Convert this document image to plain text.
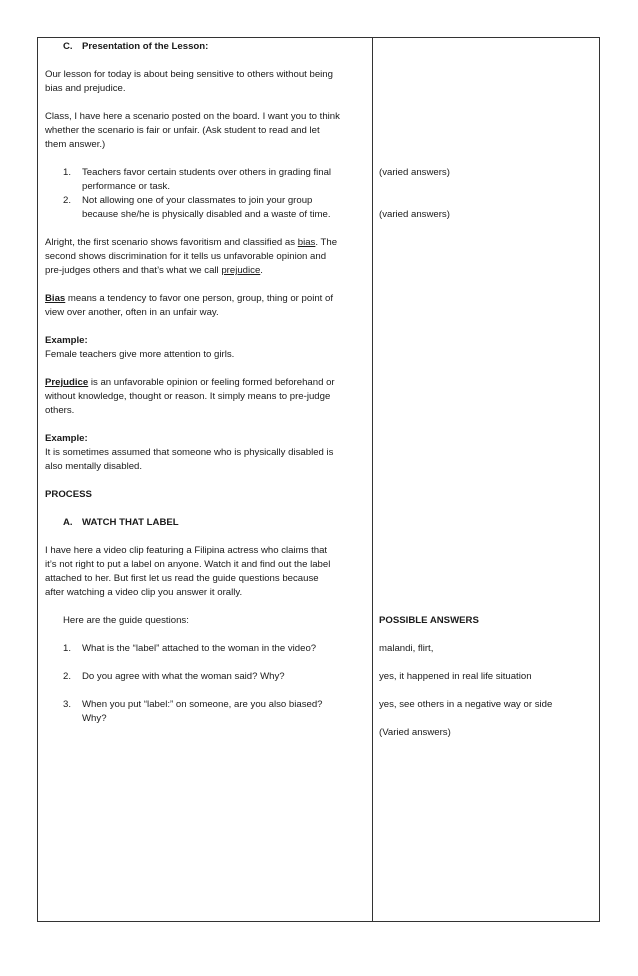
C. Presentation of the Lesson:
Our lesson for today is about being sensitive to others without being
bias and prejudice.
Class, I have here a scenario posted on the board. I want you to think
whether the scenario is fair or unfair. (Ask student to read and let
them answer.)
1. Teachers favor certain students over others in grading final
performance or task.
2. Not allowing one of your classmates to join your group
because she/he is physically disabled and a waste of time.
Alright, the first scenario shows favoritism and classified as bias. The
second shows discrimination for it tells us unfavorable opinion and
pre-judges others and that’s what we call prejudice.
Bias means a tendency to favor one person, group, thing or point of
view over another, often in an unfair way.
Example:
Female teachers give more attention to girls.
Prejudice is an unfavorable opinion or feeling formed beforehand or
without knowledge, thought or reason. It simply means to pre-judge
others.
Example:
It is sometimes assumed that someone who is physically disabled is
also mentally disabled.
PROCESS
A. WATCH THAT LABEL
I have here a video clip featuring a Filipina actress who claims that
it’s not right to put a label on anyone. Watch it and find out the label
attached to her. But first let us read the guide questions because
after watching a video clip you answer it orally.
Here are the guide questions:
1. What is the “label” attached to the woman in the video?
2. Do you agree with what the woman said? Why?
3. When you put “label:” on someone, are you also biased?
Why?
(varied answers)
(varied answers)
POSSIBLE ANSWERS
malandi, flirt,
yes, it happened in real life situation
yes, see others in a negative way or side
(Varied answers)
